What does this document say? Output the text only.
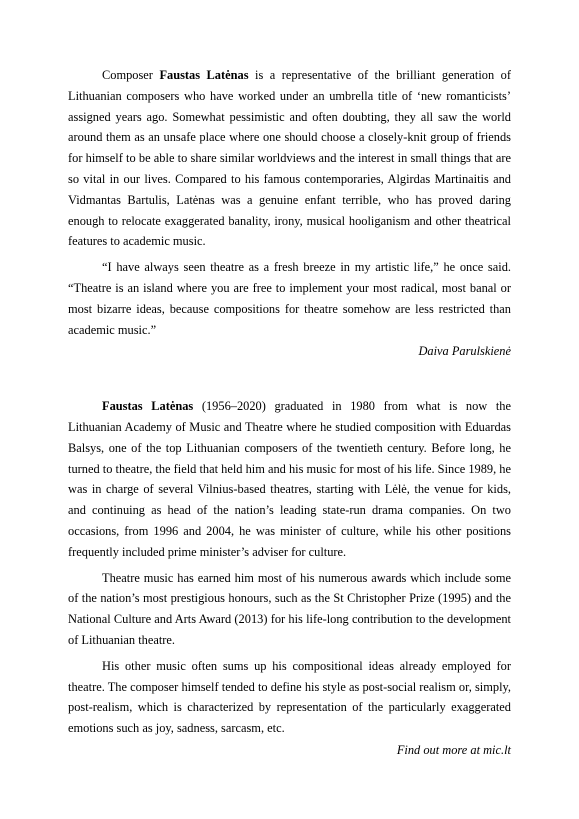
Composer Faustas Latėnas is a representative of the brilliant generation of Lithuanian composers who have worked under an umbrella title of ‘new romanticists’ assigned years ago. Somewhat pessimistic and often doubting, they all saw the world around them as an unsafe place where one should choose a closely-knit group of friends for himself to be able to share similar worldviews and the interest in small things that are so vital in our lives. Compared to his famous contemporaries, Algirdas Martinaitis and Vidmantas Bartulis, Latėnas was a genuine enfant terrible, who has proved daring enough to relocate exaggerated banality, irony, musical hooliganism and other theatrical features to academic music.

“I have always seen theatre as a fresh breeze in my artistic life,” he once said. “Theatre is an island where you are free to implement your most radical, most banal or most bizarre ideas, because compositions for theatre somehow are less restricted than academic music.”

Daiva Parulskienė

Faustas Latėnas (1956–2020) graduated in 1980 from what is now the Lithuanian Academy of Music and Theatre where he studied composition with Eduardas Balsys, one of the top Lithuanian composers of the twentieth century. Before long, he turned to theatre, the field that held him and his music for most of his life. Since 1989, he was in charge of several Vilnius-based theatres, starting with Lėlė, the venue for kids, and continuing as head of the nation’s leading state-run drama companies. On two occasions, from 1996 and 2004, he was minister of culture, while his other positions frequently included prime minister’s adviser for culture.

Theatre music has earned him most of his numerous awards which include some of the nation’s most prestigious honours, such as the St Christopher Prize (1995) and the National Culture and Arts Award (2013) for his life-long contribution to the development of Lithuanian theatre.

His other music often sums up his compositional ideas already employed for theatre. The composer himself tended to define his style as post-social realism or, simply, post-realism, which is characterized by representation of the particularly exaggerated emotions such as joy, sadness, sarcasm, etc.

Find out more at mic.lt
